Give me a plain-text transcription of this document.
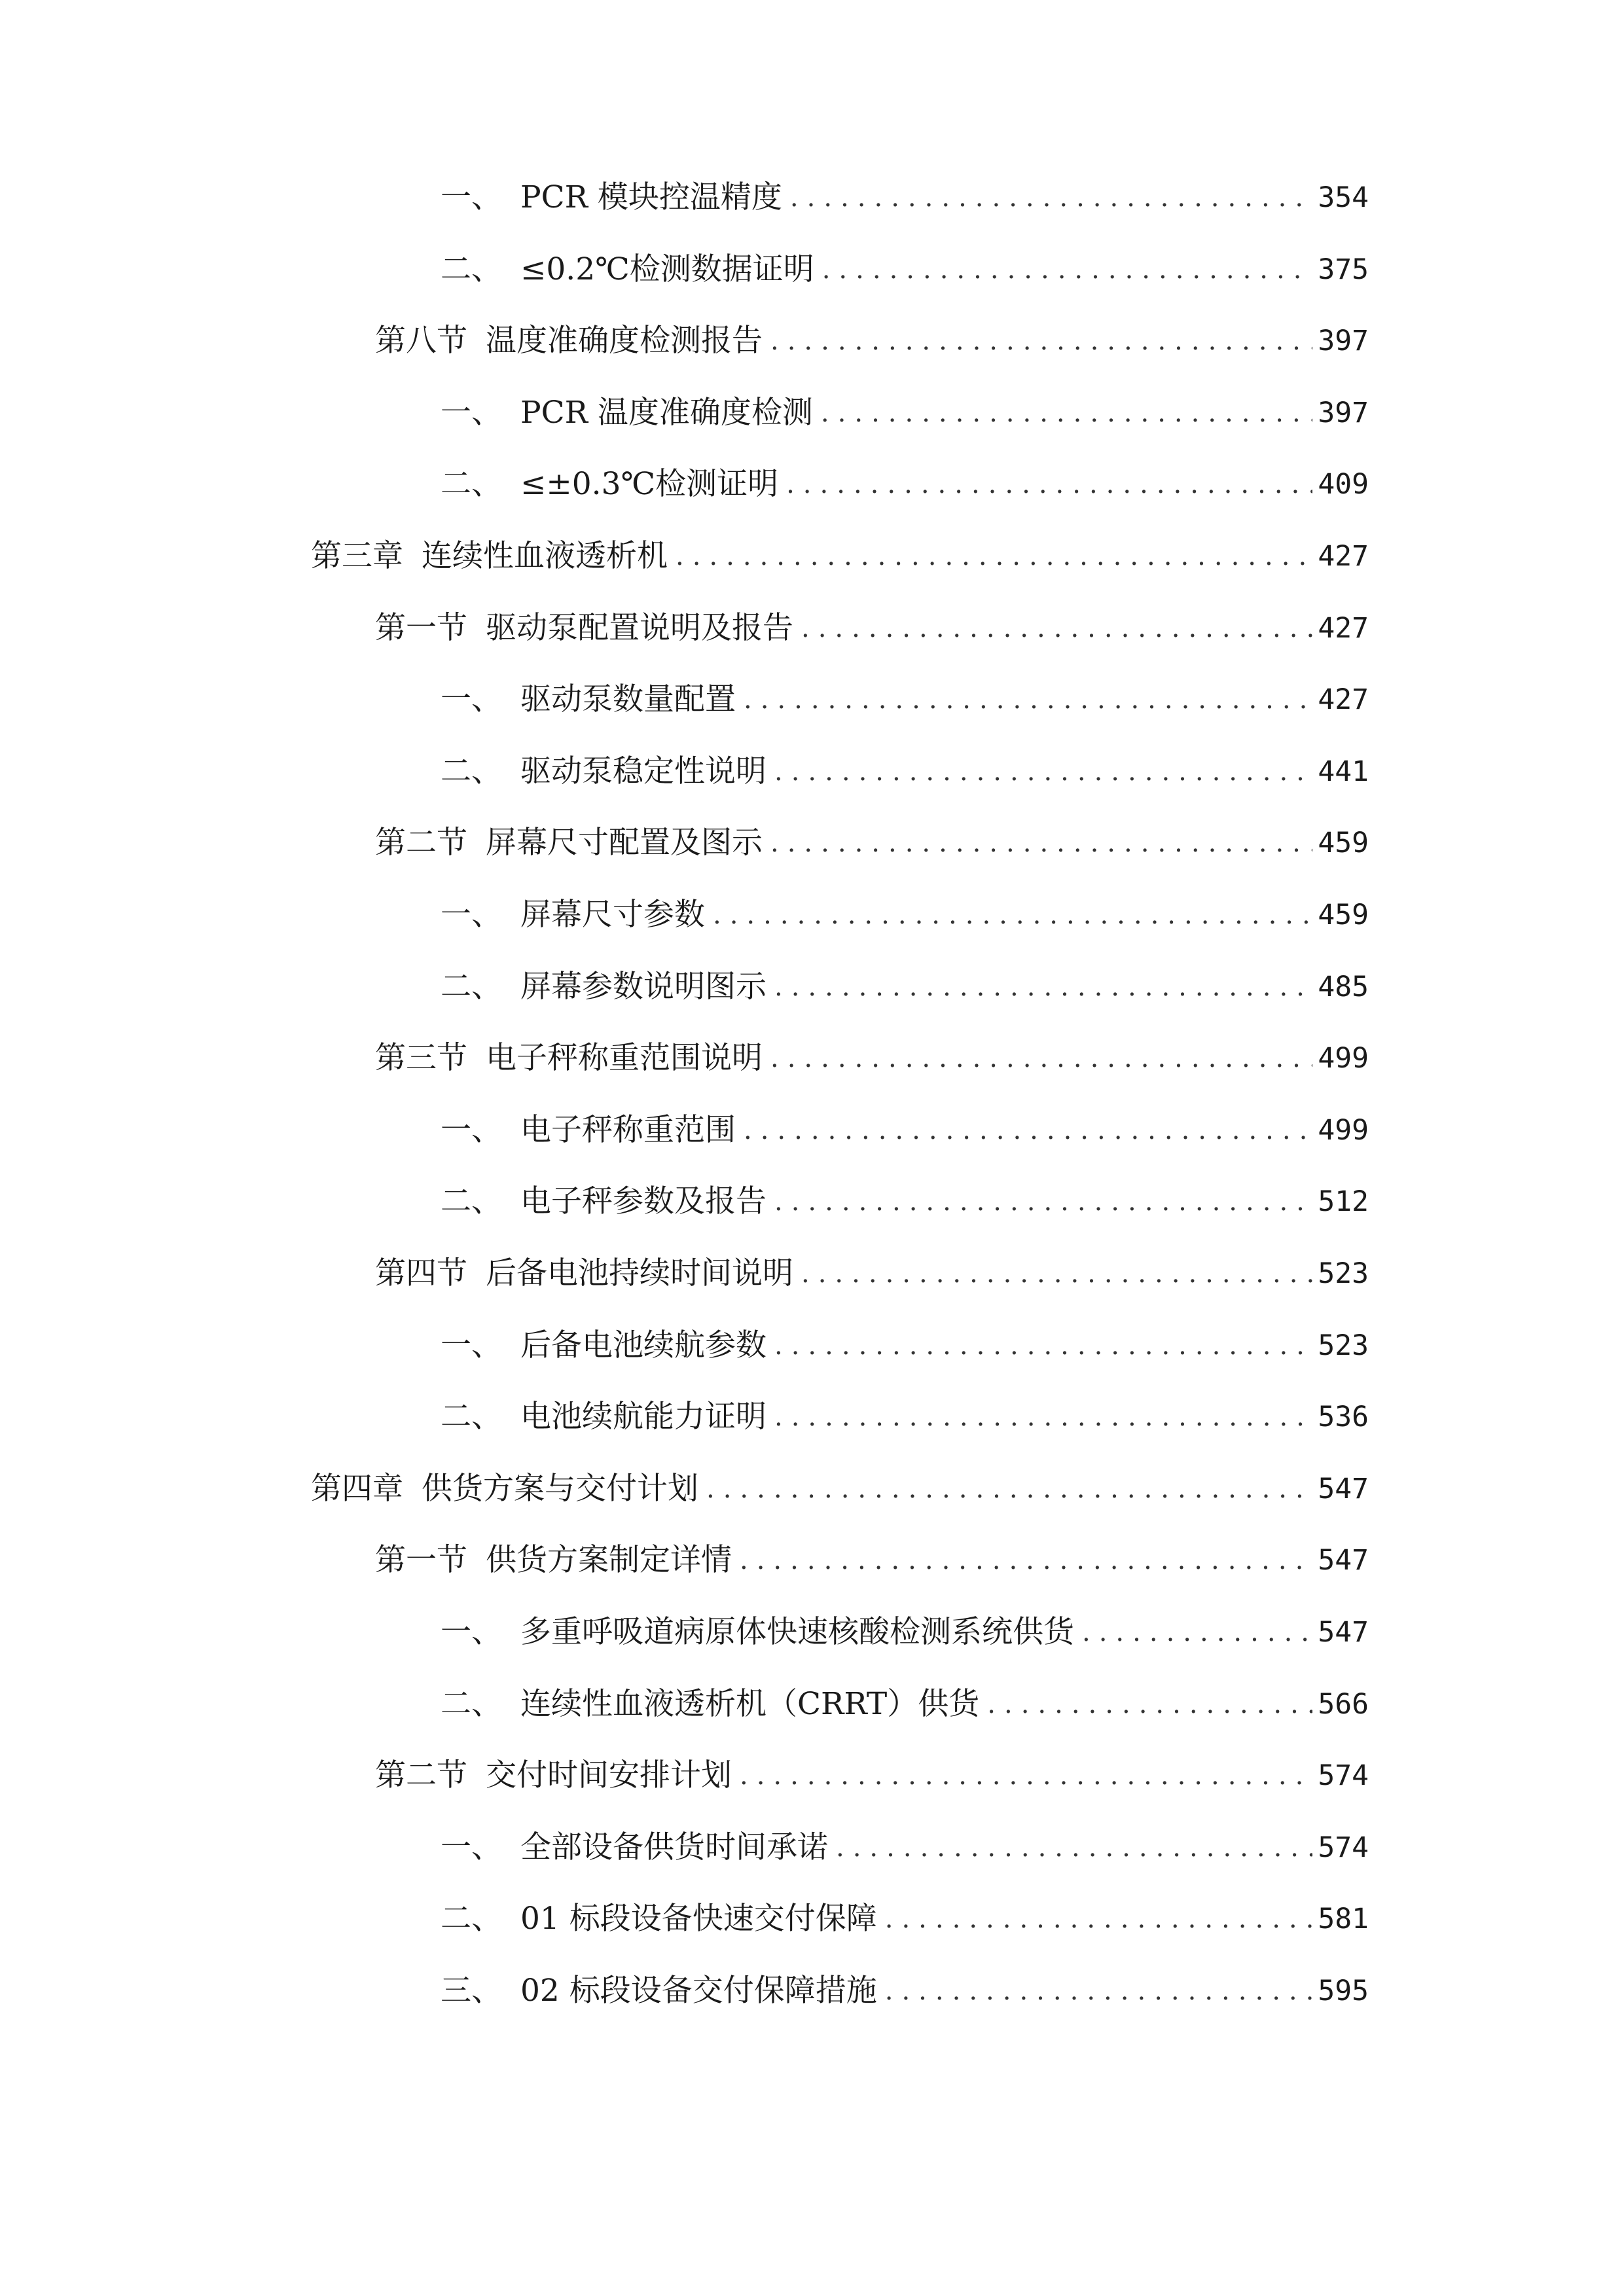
一、 PCR 模块控温精度 .....	354
二、 ≤0.2℃检测数据证明 .....	375
第八节 温度准确度检测报告 .....	397
一、 PCR 温度准确度检测 .....	397
二、 ≤±0.3℃检测证明 .....	409
第三章 连续性血液透析机 .....	427
第一节 驱动泵配置说明及报告 .....	427
一、 驱动泵数量配置 .....	427
二、 驱动泵稳定性说明 .....	441
第二节 屏幕尺寸配置及图示 .....	459
一、 屏幕尺寸参数 .....	459
二、 屏幕参数说明图示 .....	485
第三节 电子秤称重范围说明 .....	499
一、 电子秤称重范围 .....	499
二、 电子秤参数及报告 .....	512
第四节 后备电池持续时间说明 .....	523
一、 后备电池续航参数 .....	523
二、 电池续航能力证明 .....	536
第四章 供货方案与交付计划 .....	547
第一节 供货方案制定详情 .....	547
一、 多重呼吸道病原体快速核酸检测系统供货 .....	547
二、 连续性血液透析机（CRRT）供货 .....	566
第二节 交付时间安排计划 .....	574
一、 全部设备供货时间承诺 .....	574
二、 01 标段设备快速交付保障 .....	581
三、 02 标段设备交付保障措施 .....	595
